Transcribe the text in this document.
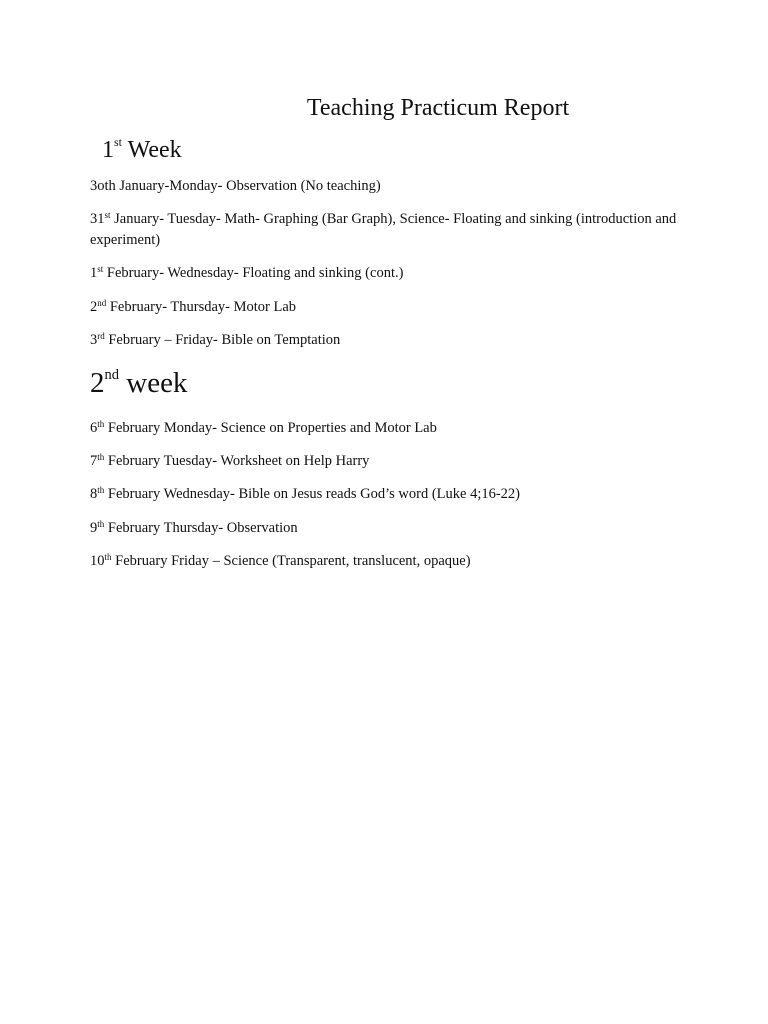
Teaching Practicum Report
1st Week

3oth January-Monday- Observation (No teaching)

31st January- Tuesday- Math- Graphing (Bar Graph), Science- Floating and sinking (introduction and experiment)

1st February- Wednesday- Floating and sinking (cont.)

2nd February- Thursday- Motor Lab

3rd February – Friday- Bible on Temptation

2nd week

6th February Monday- Science on Properties and Motor Lab

7th February Tuesday- Worksheet on Help Harry

8th February Wednesday- Bible on Jesus reads God’s word (Luke 4;16-22)

9th February Thursday- Observation

10th February Friday – Science (Transparent, translucent, opaque)
